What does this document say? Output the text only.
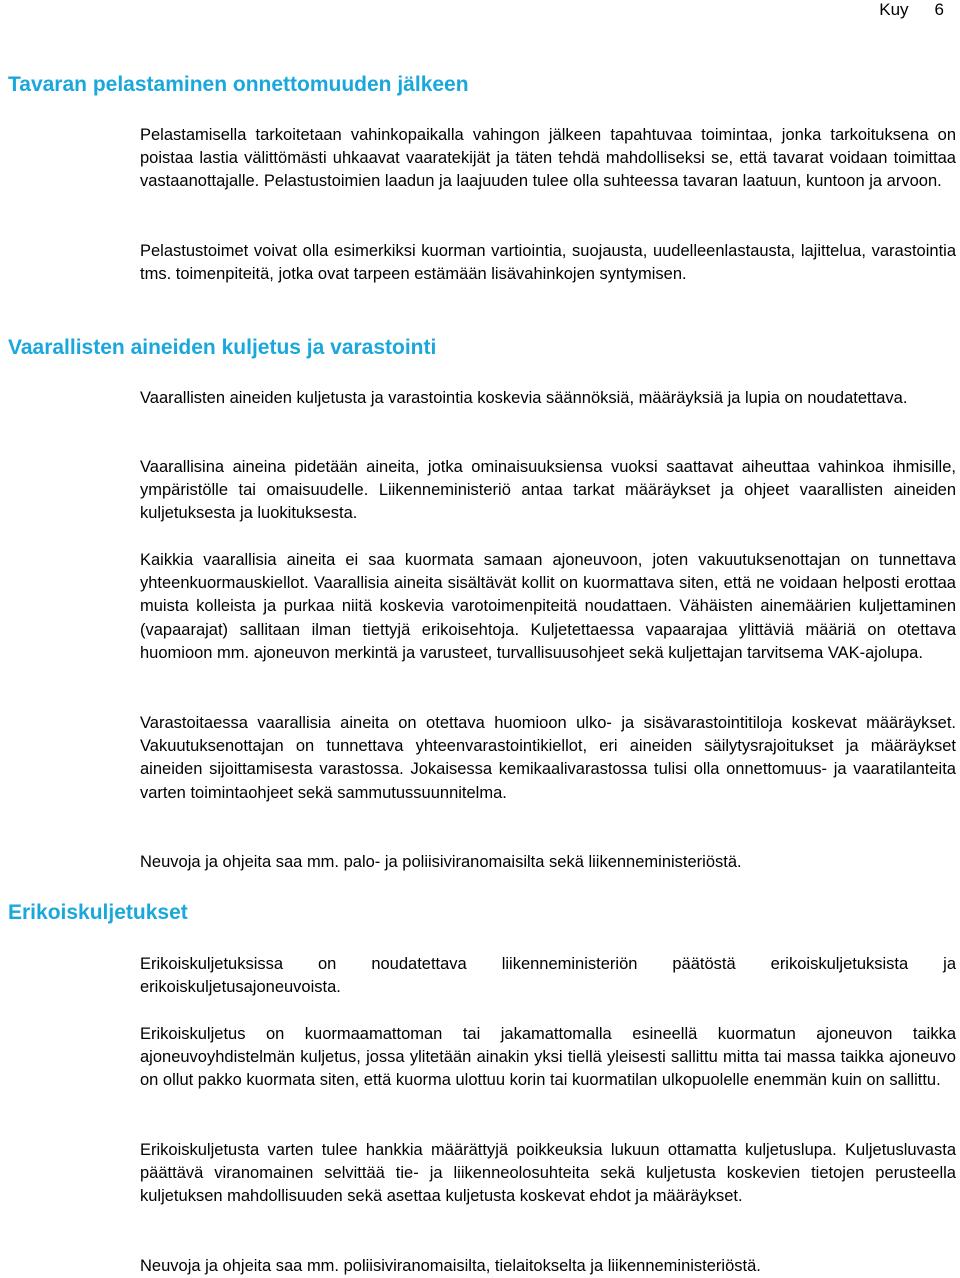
Kuy 6
Tavaran pelastaminen onnettomuuden jälkeen

Pelastamisella tarkoitetaan vahinkopaikalla vahingon jälkeen tapahtuvaa toimintaa, jonka tarkoituksena on poistaa lastia välittömästi uhkaavat vaaratekijät ja täten tehdä mahdolliseksi se, että tavarat voidaan toimittaa vastaanottajalle. Pelastustoimien laadun ja laajuuden tulee olla suhteessa tavaran laatuun, kuntoon ja arvoon.

Pelastustoimet voivat olla esimerkiksi kuorman vartiointia, suojausta, uudelleenlastausta, lajittelua, varastointia tms. toimenpiteitä, jotka ovat tarpeen estämään lisävahinkojen syntymisen.

Vaarallisten aineiden kuljetus ja varastointi

Vaarallisten aineiden kuljetusta ja varastointia koskevia säännöksiä, määräyksiä ja lupia on noudatettava.

Vaarallisina aineina pidetään aineita, jotka ominaisuuksiensa vuoksi saattavat aiheuttaa vahinkoa ihmisille, ympäristölle tai omaisuudelle. Liikenneministeriö antaa tarkat määräykset ja ohjeet vaarallisten aineiden kuljetuksesta ja luokituksesta.

Kaikkia vaarallisia aineita ei saa kuormata samaan ajoneuvoon, joten vakuutuksenottajan on tunnettava yhteenkuormauskiellot. Vaarallisia aineita sisältävät kollit on kuormattava siten, että ne voidaan helposti erottaa muista kolleista ja purkaa niitä koskevia varotoimenpiteitä noudattaen. Vähäisten ainemäärien kuljettaminen (vapaarajat) sallitaan ilman tiettyjä erikoisehtoja. Kuljetettaessa vapaarajaa ylittäviä määriä on otettava huomioon mm. ajoneuvon merkintä ja varusteet, turvallisuusohjeet sekä kuljettajan tarvitsema VAK-ajolupa.

Varastoitaessa vaarallisia aineita on otettava huomioon ulko- ja sisävarastointitiloja koskevat määräykset. Vakuutuksenottajan on tunnettava yhteenvarastointikiellot, eri aineiden säilytysrajoitukset ja määräykset aineiden sijoittamisesta varastossa. Jokaisessa kemikaalivarastossa tulisi olla onnettomuus- ja vaaratilanteita varten toimintaohjeet sekä sammutussuunnitelma.

Neuvoja ja ohjeita saa mm. palo- ja poliisiviranomaisilta sekä liikenneministeriöstä.

Erikoiskuljetukset

Erikoiskuljetuksissa on noudatettava liikenneministeriön päätöstä erikoiskuljetuksista ja erikoiskuljetusajoneuvoista.

Erikoiskuljetus on kuormaamattoman tai jakamattomalla esineellä kuormatun ajoneuvon taikka ajoneuvoyhdistelmän kuljetus, jossa ylitetään ainakin yksi tiellä yleisesti sallittu mitta tai massa taikka ajoneuvo on ollut pakko kuormata siten, että kuorma ulottuu korin tai kuormatilan ulkopuolelle enemmän kuin on sallittu.

Erikoiskuljetusta varten tulee hankkia määrättyjä poikkeuksia lukuun ottamatta kuljetuslupa. Kuljetusluvasta päättävä viranomainen selvittää tie- ja liikenneolosuhteita sekä kuljetusta koskevien tietojen perusteella kuljetuksen mahdollisuuden sekä asettaa kuljetusta koskevat ehdot ja määräykset.

Neuvoja ja ohjeita saa mm. poliisiviranomaisilta, tielaitokselta ja liikenneministeriöstä.
